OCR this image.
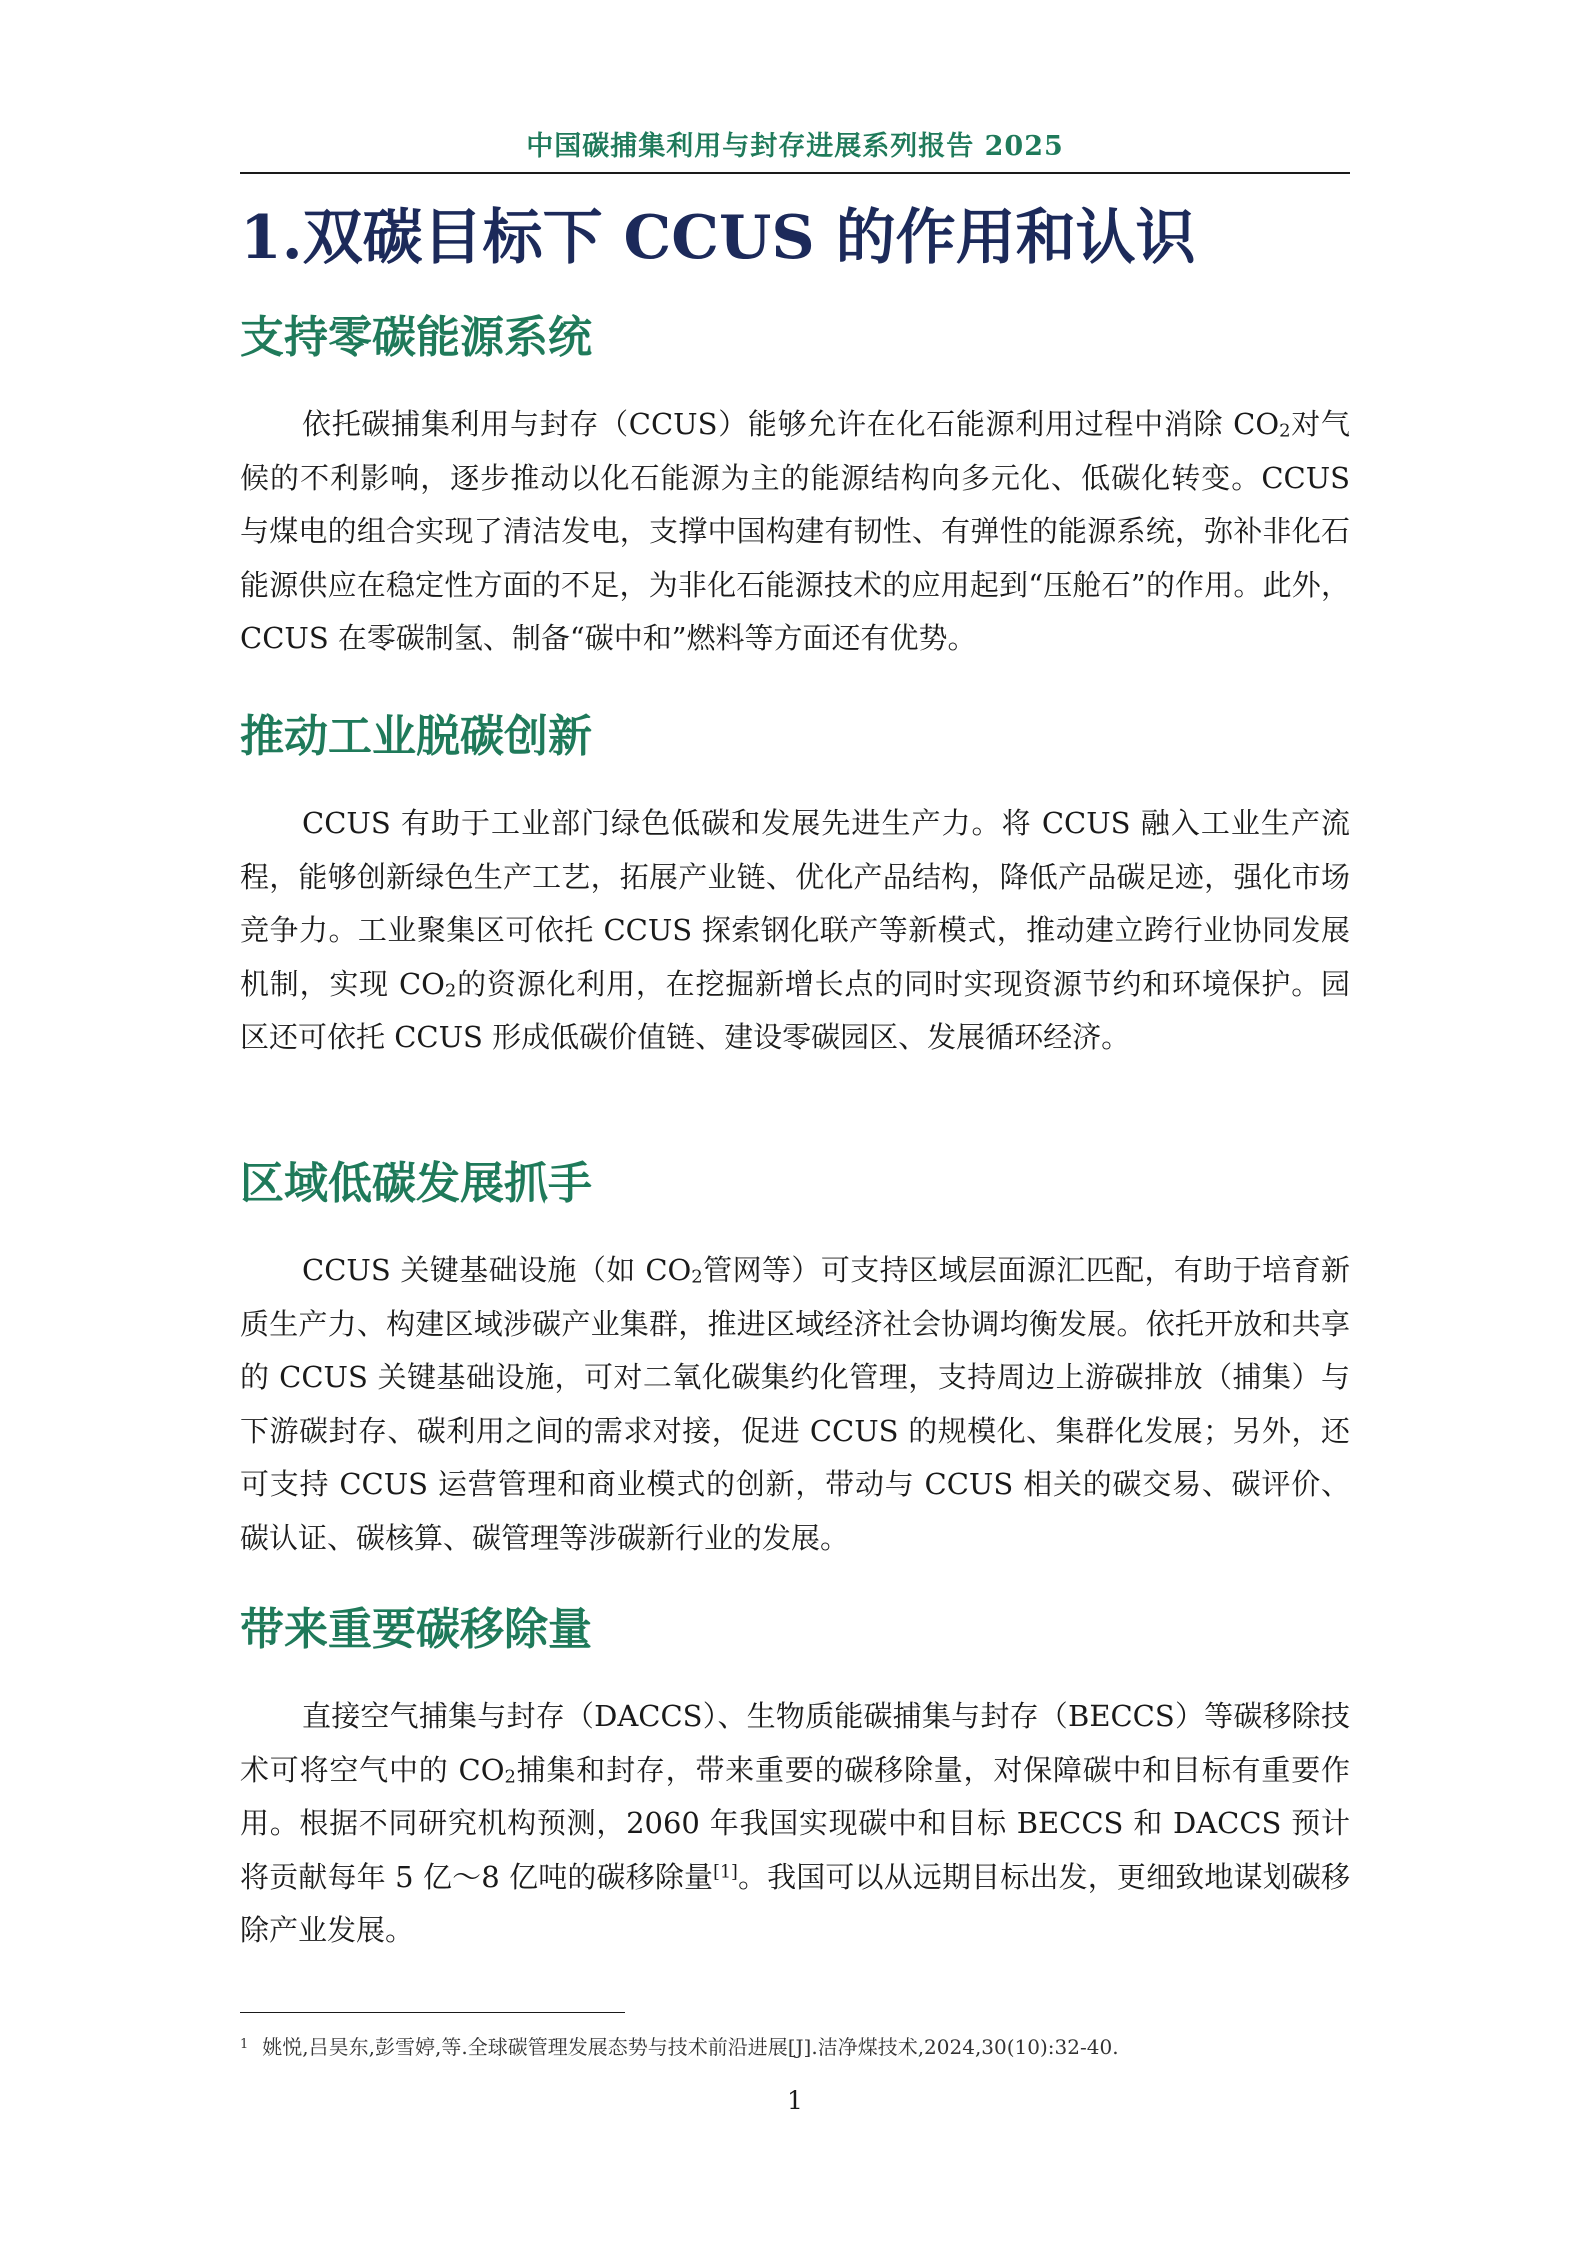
中国碳捕集利用与封存进展系列报告 2025
1.双碳目标下 CCUS 的作用和认识
支持零碳能源系统

依托碳捕集利用与封存（CCUS）能够允许在化石能源利用过程中消除 $CO_2$对气候的不利影响，逐步推动以化石能源为主的能源结构向多元化、低碳化转变。CCUS 与煤电的组合实现了清洁发电，支撑中国构建有韧性、有弹性的能源系统，弥补非化石能源供应在稳定性方面的不足，为非化石能源技术的应用起到“压舱石”的作用。此外，CCUS 在零碳制氢、制备“碳中和”燃料等方面还有优势。

推动工业脱碳创新

CCUS 有助于工业部门绿色低碳和发展先进生产力。将 CCUS 融入工业生产流程，能够创新绿色生产工艺，拓展产业链、优化产品结构，降低产品碳足迹，强化市场竞争力。工业聚集区可依托 CCUS 探索钢化联产等新模式，推动建立跨行业协同发展机制，实现 $CO_2$的资源化利用，在挖掘新增长点的同时实现资源节约和环境保护。园区还可依托 CCUS 形成低碳价值链、建设零碳园区、发展循环经济。

区域低碳发展抓手

CCUS 关键基础设施（如 $CO_2$管网等）可支持区域层面源汇匹配，有助于培育新质生产力、构建区域涉碳产业集群，推进区域经济社会协调均衡发展。依托开放和共享的 CCUS 关键基础设施，可对二氧化碳集约化管理，支持周边上游碳排放（捕集）与下游碳封存、碳利用之间的需求对接，促进 CCUS 的规模化、集群化发展；另外，还可支持 CCUS 运营管理和商业模式的创新，带动与 CCUS 相关的碳交易、碳评价、碳认证、碳核算、碳管理等涉碳新行业的发展。

带来重要碳移除量

直接空气捕集与封存（DACCS）、生物质能碳捕集与封存（BECCS）等碳移除技术可将空气中的 $CO_2$捕集和封存，带来重要的碳移除量，对保障碳中和目标有重要作用。根据不同研究机构预测，2060 年我国实现碳中和目标 BECCS 和 DACCS 预计将贡献每年 5 亿～8 亿吨的碳移除量[1]。我国可以从远期目标出发，更细致地谋划碳移除产业发展。

$^1$ 姚悦,吕昊东,彭雪婷,等.全球碳管理发展态势与技术前沿进展[J].洁净煤技术,2024,30(10):32-40.
1
